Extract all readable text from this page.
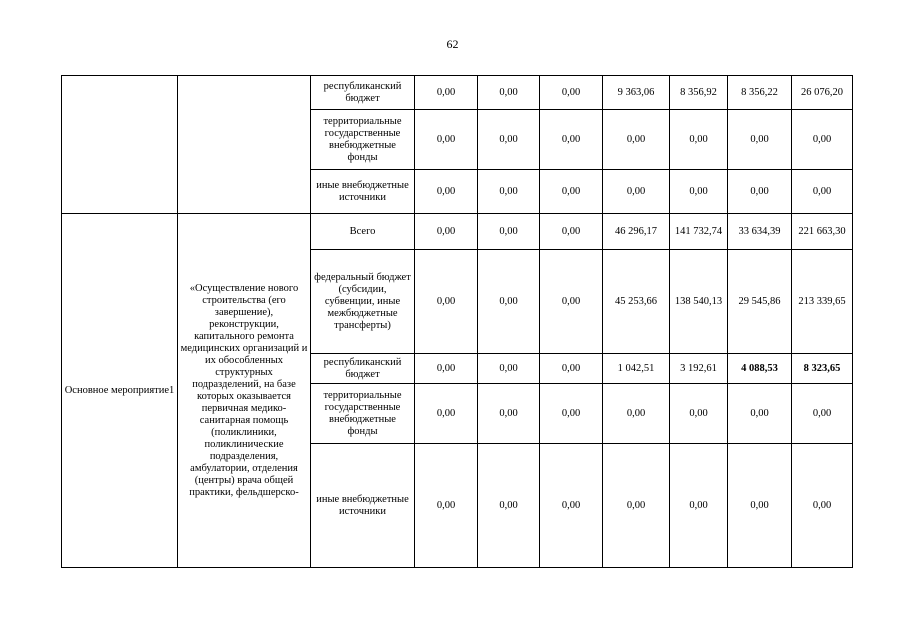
62
		республиканский бюджет	0,00	0,00	0,00	9 363,06	8 356,92	8 356,22	26 076,20
		территориальные государственные внебюджетные фонды	0,00	0,00	0,00	0,00	0,00	0,00	0,00
		иные внебюджетные источники	0,00	0,00	0,00	0,00	0,00	0,00	0,00
Основное мероприятие1	«Осуществление нового строительства (его завершение), реконструкции, капитального ремонта медицинских организаций и их обособленных структурных подразделений, на базе которых оказывается первичная медико-санитарная помощь (поликлиники, поликлинические подразделения, амбулатории, отделения (центры) врача общей практики, фельдшерско-	Всего	0,00	0,00	0,00	46 296,17	141 732,74	33 634,39	221 663,30
		федеральный бюджет (субсидии, субвенции, иные межбюджетные трансферты)	0,00	0,00	0,00	45 253,66	138 540,13	29 545,86	213 339,65
		республиканский бюджет	0,00	0,00	0,00	1 042,51	3 192,61	4 088,53	8 323,65
		территориальные государственные внебюджетные фонды	0,00	0,00	0,00	0,00	0,00	0,00	0,00
		иные внебюджетные источники	0,00	0,00	0,00	0,00	0,00	0,00	0,00
